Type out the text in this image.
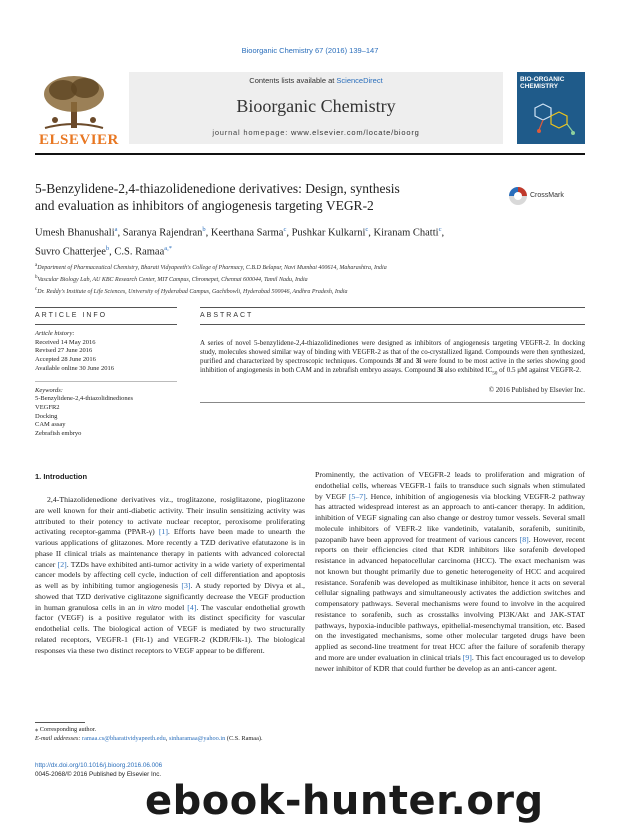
Bioorganic Chemistry 67 (2016) 139–147
ELSEVIER
Contents lists available at ScienceDirect
Bioorganic Chemistry
journal homepage: www.elsevier.com/locate/bioorg
BIO-ORGANIC CHEMISTRY
5-Benzylidene-2,4-thiazolidenedione derivatives: Design, synthesis
and evaluation as inhibitors of angiogenesis targeting VEGR-2
CrossMark
Umesh Bhanushali$^a$, Saranya Rajendran$^b$, Keerthana Sarma$^c$, Pushkar Kulkarni$^c$, Kiranam Chatti$^c$,
Suvro Chatterjee$^b$, C.S. Ramaa$^{a,*}$
$^a$Department of Pharmaceutical Chemistry, Bharati Vidyapeeth's College of Pharmacy, C.B.D Belapur, Navi Mumbai 400614, Maharashtra, India
$^b$Vascular Biology Lab, AU KBC Research Center, MIT Campus, Chromepet, Chennai 600044, Tamil Nadu, India
$^c$Dr. Reddy's Institute of Life Sciences, University of Hyderabad Campus, Gachibowli, Hyderabad 500046, Andhra Pradesh, India
ARTICLE INFO
Article history:
Received 14 May 2016
Revised 27 June 2016
Accepted 28 June 2016
Available online 30 June 2016
Keywords:
5-Benzylidene-2,4-thiazolidinediones
VEGFR2
Docking
CAM assay
Zebrafish embryo
ABSTRACT
A series of novel 5-benzylidene-2,4-thiazolidinediones were designed as inhibitors of angiogenesis targeting VEGFR-2. In docking study, molecules showed similar way of binding with VEGFR-2 as that of the co-crystallized ligand. Compounds were then synthesized, purified and characterized by spectroscopic techniques. Compounds 3f and 3i were found to be most active in the series showing good inhibition of angiogenesis in both CAM and in zebrafish embryo assays. Compound 3i also exhibited $IC_{50}$ of 0.5 μM against VEGFR-2.
© 2016 Published by Elsevier Inc.
1. Introduction
2,4-Thiazolidenedione derivatives viz., troglitazone, rosiglitazone, pioglitazone are well known for their anti-diabetic activity. Their insulin sensitizing activity was attributed to their potency to activate nuclear receptor, peroxisome proliferating activating receptor-gamma (PPAR-γ) [1]. Efforts have been made to unearth the various applications of glitazones. More recently a TZD derivative efatutazone is in phase II clinical trials as maintenance therapy in patients with advanced colorectal cancer [2]. TZDs have exhibited anti-tumor activity in a wide variety of experimental cancer models by affecting cell cycle, induction of cell differentiation and apoptosis as well as by inhibiting tumor angiogenesis [3]. A study reported by Divya et al., showed that TZD derivative ciglitazone significantly decrease the VEGF production in human granulosa cells in an in vitro model [4]. The vascular endothelial growth factor (VEGF) is a positive regulator with its distinct specificity for vascular endothelial cells. The biological action of VEGF is mediated by two structurally related receptors, VEGFR-1 (Flt-1) and VEGFR-2 (KDR/Flk-1). The biological responses via these two distinct receptors to VEGF appear to be different.
Prominently, the activation of VEGFR-2 leads to proliferation and migration of endothelial cells, whereas VEGFR-1 fails to transduce such signals when stimulated by VEGF [5–7]. Hence, inhibition of angiogenesis via blocking VEGFR-2 pathway has attracted widespread interest as an approach to anti-cancer therapy. In addition, inhibition of VEGF signaling can also change or destroy tumor vessels. Several small molecule inhibitors of VEFR-2 like vandetinib, vatalanib, sorafenib, sunitinib, pazopanib have been approved for treatment of various cancers [8]. However, recent reports on their efficiencies cited that KDR inhibitors like sorafenib developed resistance in advanced hepatocellular carcinoma (HCC). The exact mechanism was not known but thought primarily due to genetic heterogeneity of HCC and acquired resistance. Sorafenib was developed as multikinase inhibitor, hence it acts on several cellular signaling pathways and simultaneously activates the addiction switches and compensatory pathways. Several mechanisms were found to involve in the acquired resistance to sorafenib, such as crosstalks involving PI3K/Akt and JAK-STAT pathways, hypoxia-inducible pathways, epithelial-mesenchymal transition, etc. Based on the investigated mechanisms, some other molecular targeted drugs have been applied as second-line treatment for treat HCC after the failure of sorafenib therapy and more are under evaluation in clinical trials [9]. This fact encouraged us to develop newer inhibitor of KDR that could further be develop as an anti-cancer agent.
⁎ Corresponding author.
E-mail addresses: ramaa.cs@bharatividyapeeth.edu, sinharamaa@yahoo.in (C.S. Ramaa).
http://dx.doi.org/10.1016/j.bioorg.2016.06.006
0045-2068/© 2016 Published by Elsevier Inc.
ebook-hunter.org
